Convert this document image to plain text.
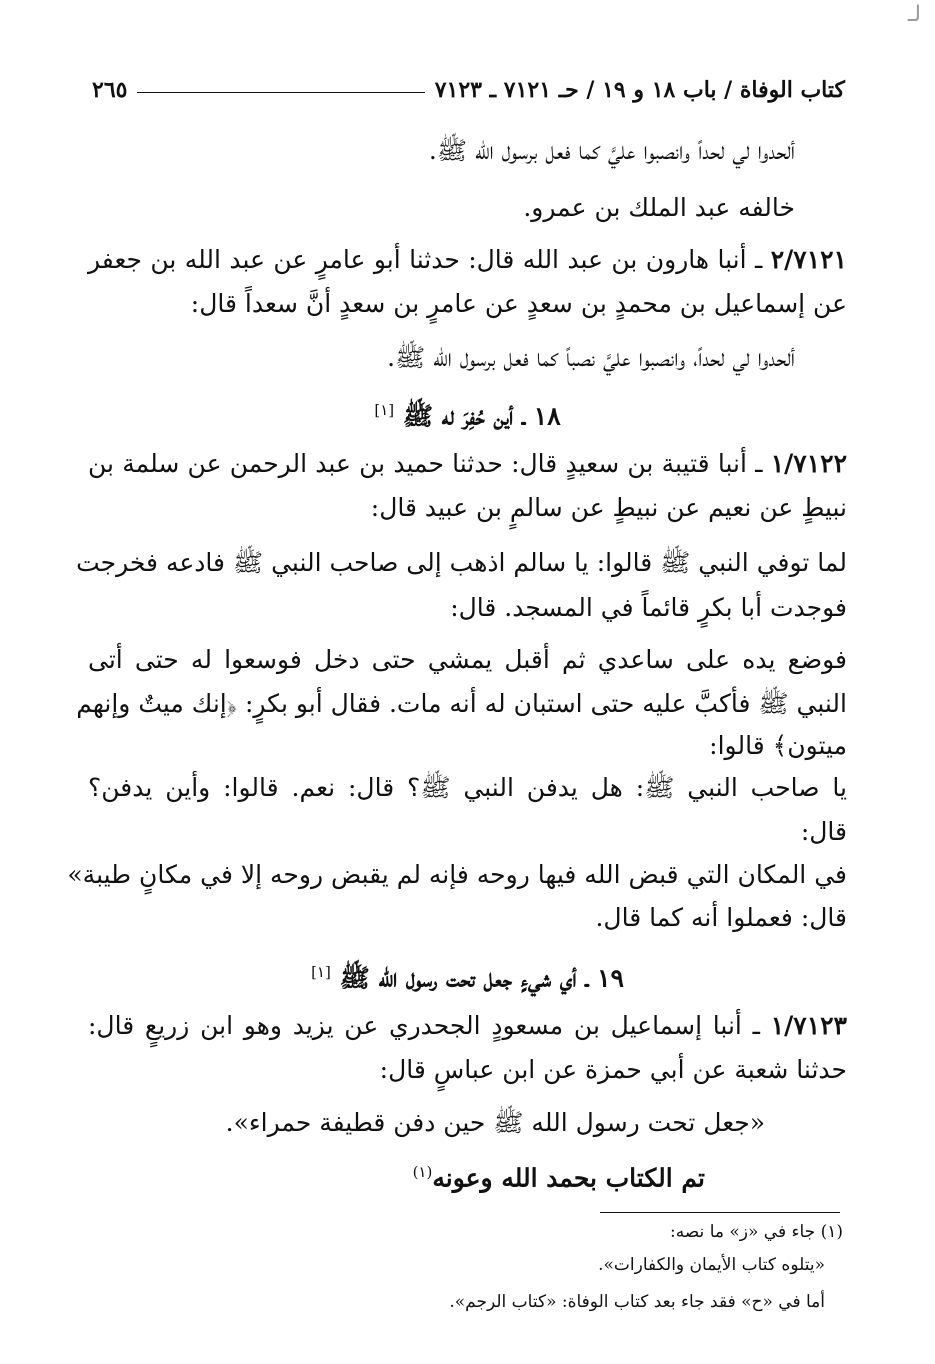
ﻟـ
كتاب الوفاة / باب ١٨ و ١٩ / حـ ٧١٢١ ـ ٧١٢٣
٢٦٥
ألحدوا لي لحداً وانصبوا عليَّ كما فعل برسول الله ﷺ.
خالفه عبد الملك بن عمرو.
٢/٧١٢١ ـ أنبا هارون بن عبد الله قال: حدثنا أبو عامرٍ عن عبد الله بن جعفر
عن إسماعيل بن محمدٍ بن سعدٍ عن عامرٍ بن سعدٍ أنَّ سعداً قال:
ألحدوا لي لحداً، وانصبوا عليَّ نصباً كما فعل برسول الله ﷺ.
١٨ ـ أين حُفِرَ له ﷺ [١]
١/٧١٢٢ ـ أنبا قتيبة بن سعيدٍ قال: حدثنا حميد بن عبد الرحمن عن سلمة بن
نبيطٍ عن نعيم عن نبيطٍ عن سالمٍ بن عبيد قال:
لما توفي النبي ﷺ قالوا: يا سالم اذهب إلى صاحب النبي ﷺ فادعه فخرجت
فوجدت أبا بكرٍ قائماً في المسجد. قال:
فوضع يده على ساعدي ثم أقبل يمشي حتى دخل فوسعوا له حتى أتى
النبي ﷺ فأكبَّ عليه حتى استبان له أنه مات. فقال أبو بكرٍ: ﴿إنك ميتٌ وإنهم
ميتون﴾ قالوا:
يا صاحب النبي ﷺ: هل يدفن النبي ﷺ؟ قال: نعم. قالوا: وأين يدفن؟
قال:
في المكان التي قبض الله فيها روحه فإنه لم يقبض روحه إلا في مكانٍ طيبة»
قال: فعملوا أنه كما قال.
١٩ ـ أي شيءٍ جعل تحت رسول الله ﷺ [١]
١/٧١٢٣ ـ أنبا إسماعيل بن مسعودٍ الجحدري عن يزيد وهو ابن زريعٍ قال:
حدثنا شعبة عن أبي حمزة عن ابن عباسٍ قال:
«جعل تحت رسول الله ﷺ حين دفن قطيفة حمراء».
تم الكتاب بحمد الله وعونه$^{(١)}$
(١) جاء في «ز» ما نصه:
«يتلوه كتاب الأيمان والكفارات».
أما في «ح» فقد جاء بعد كتاب الوفاة: «كتاب الرجم».
